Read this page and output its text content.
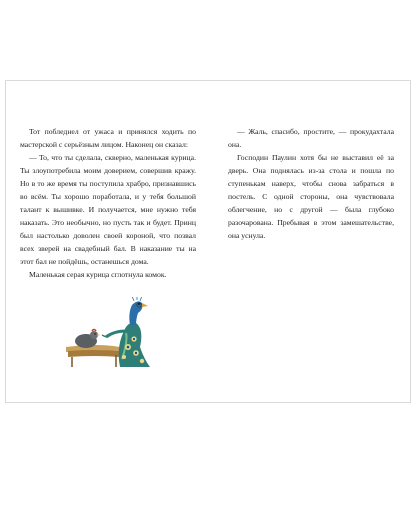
Тот побледнел от ужаса и принялся ходить по мастерской с серьёзным лицом. Наконец он сказал:

— То, что ты сделала, скверно, маленькая курица. Ты злоупотребила моим доверием, совершив кражу. Но в то же время ты поступила храбро, признавшись во всём. Ты хорошо поработала, и у тебя большой талант к вышивке. И получается, мне нужно тебя наказать. Это необычно, но пусть так и будет. Принц был настолько доволен своей короной, что позвал всех зверей на свадебный бал. В наказание ты на этот бал не пойдёшь, останешься дома.

Маленькая серая курица сглотнула комок.

— Жаль, спасибо, простите, — прокудахтала она.

Господин Паулин хотя бы не выставил её за дверь. Она поднялась из-за стола и пошла по ступенькам наверх, чтобы снова забраться в постель. С одной стороны, она чувствовала облегчение, но с другой — была глубоко разочарована. Пребывая в этом замешательстве, она уснула.
